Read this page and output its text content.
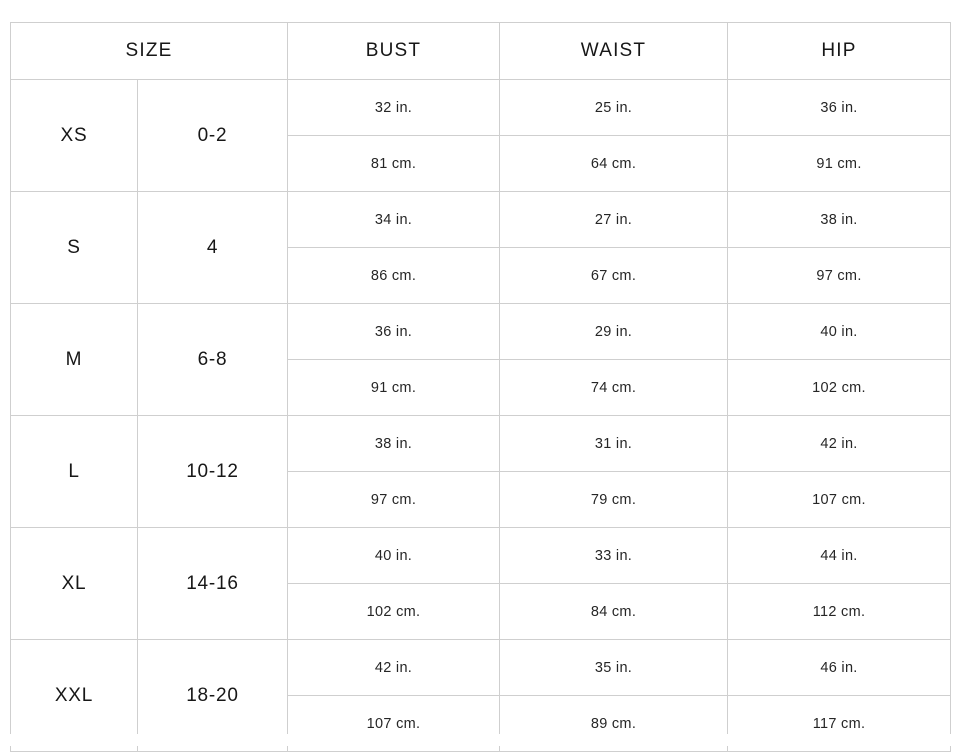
SIZE		BUST	WAIST	HIP
XS	0-2	32 in.	25 in.	36 in.
		81 cm.	64 cm.	91 cm.
S	4	34 in.	27 in.	38 in.
		86 cm.	67 cm.	97 cm.
M	6-8	36 in.	29 in.	40 in.
		91 cm.	74 cm.	102 cm.
L	10-12	38 in.	31 in.	42 in.
		97 cm.	79 cm.	107 cm.
XL	14-16	40 in.	33 in.	44 in.
		102 cm.	84 cm.	112 cm.
XXL	18-20	42 in.	35 in.	46 in.
		107 cm.	89 cm.	117 cm.
